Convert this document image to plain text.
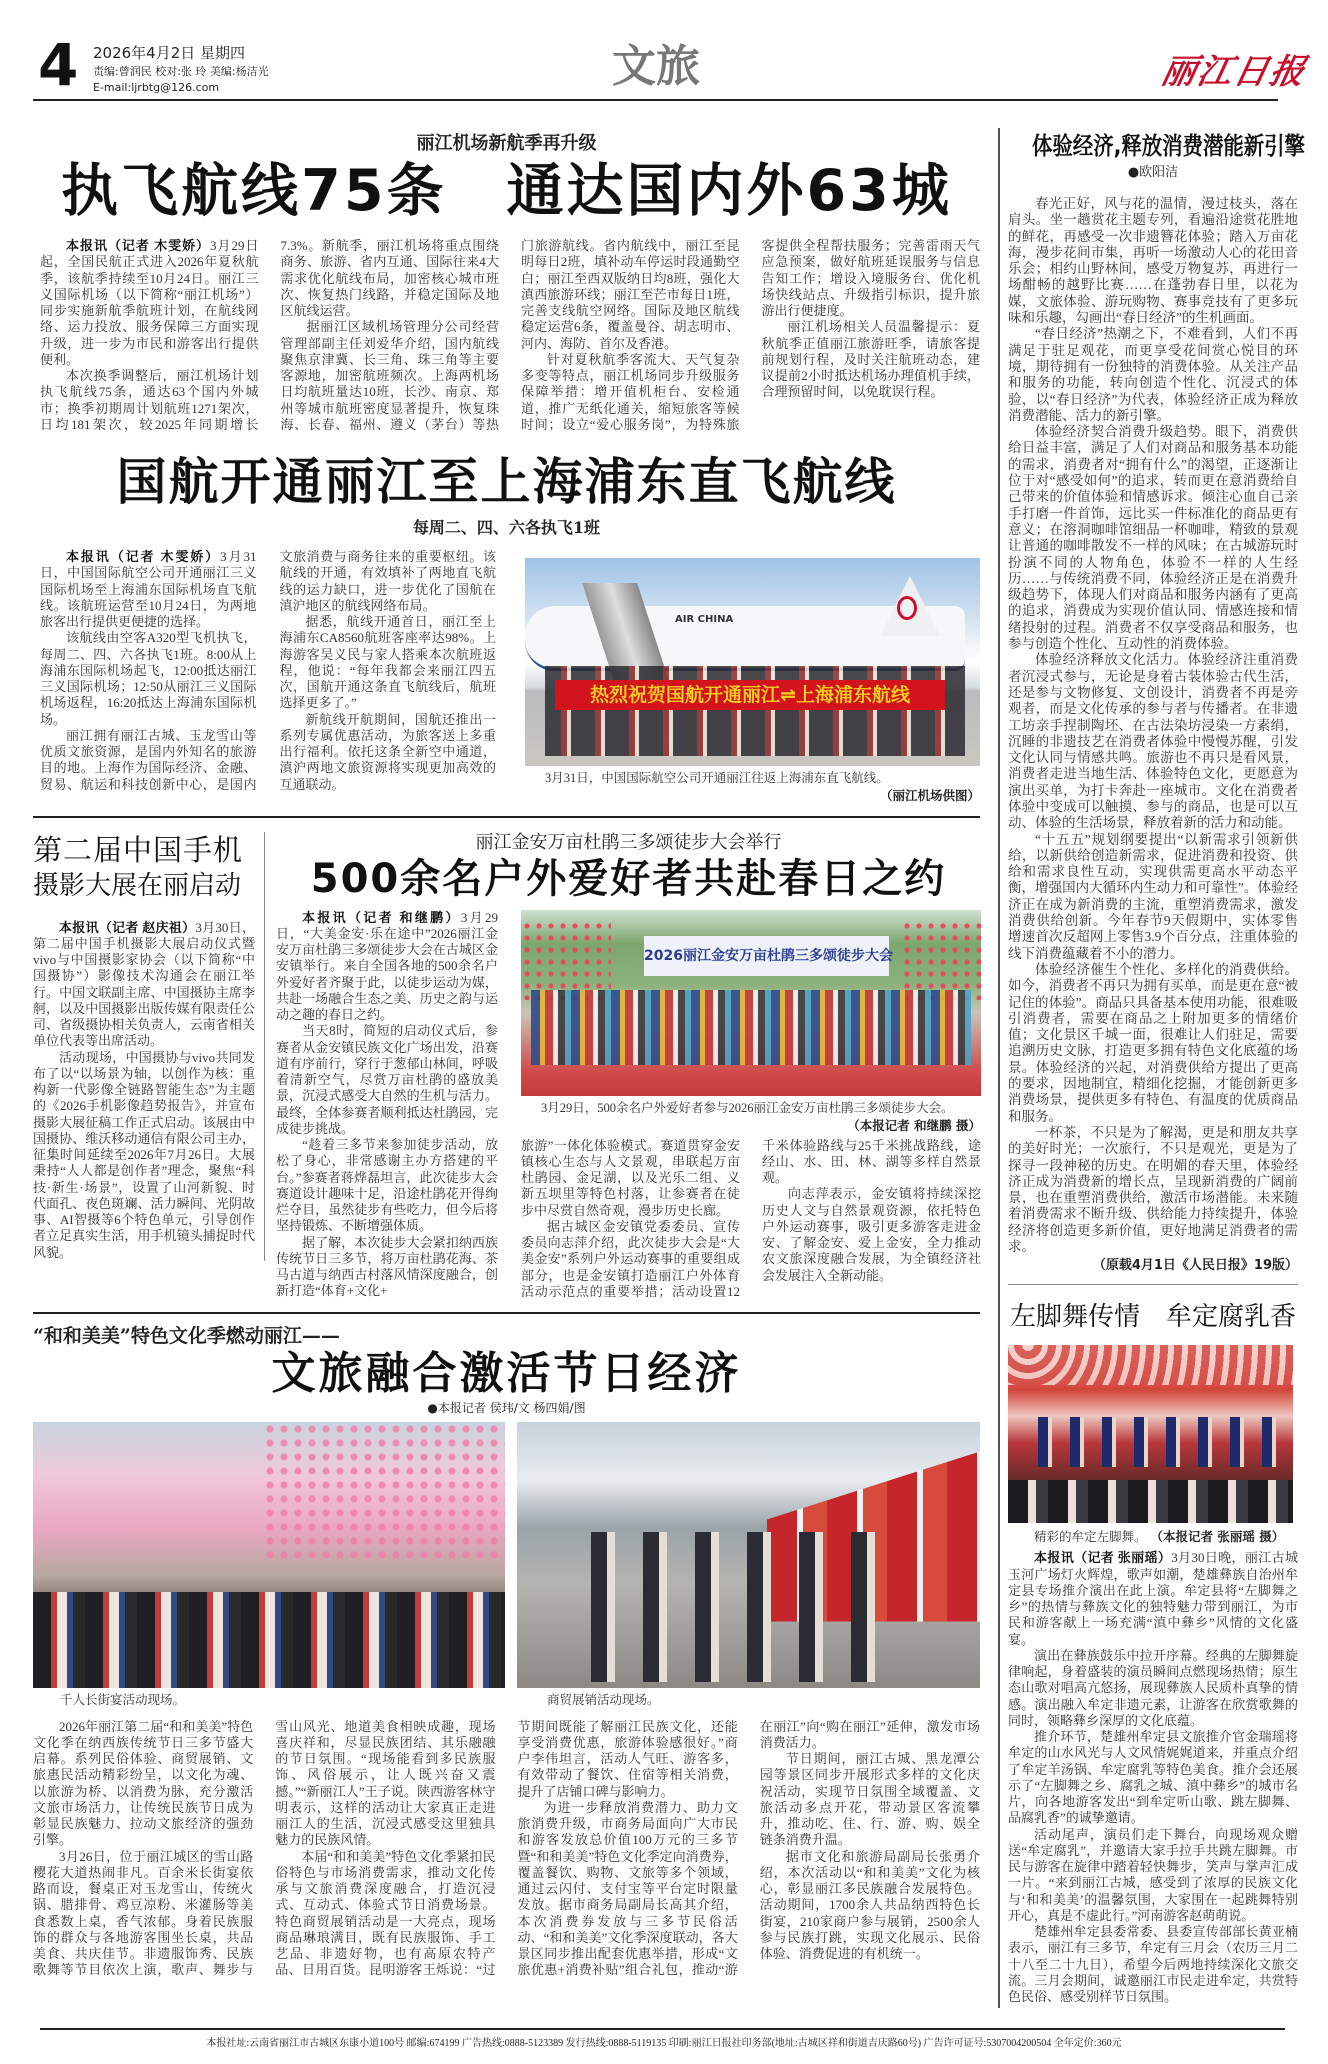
4 2026年4月2日 星期四
责编:曾润民 校对:张 玲 美编:杨洁光
E-mail:ljrbtg@126.com	文旅	丽江日报
丽江机场新航季再升级
执飞航线75条　通达国内外63城

本报讯（记者 木雯娇）3月29日起，全国民航正式进入2026年夏秋航季，该航季持续至10月24日。丽江三义国际机场（以下简称“丽江机场”）同步实施新航季航班计划，在航线网络、运力投放、服务保障三方面实现升级，进一步为市民和游客出行提供便利。

本次换季调整后，丽江机场计划执飞航线75条，通达63个国内外城市；换季初期周计划航班1271架次，日均181架次，较2025年同期增长7.3%。新航季，丽江机场将重点围绕商务、旅游、省内互通、国际往来4大需求优化航线布局，加密核心城市班次、恢复热门线路，并稳定国际及地区航线运营。

据丽江区域机场管理分公司经营管理部副主任刘爱华介绍，国内航线聚焦京津冀、长三角、珠三角等主要客源地，加密航班频次。上海两机场日均航班量达10班，长沙、南京、郑州等城市航班密度显著提升，恢复珠海、长春、福州、遵义（茅台）等热门旅游航线。省内航线中，丽江至昆明每日2班，填补动车停运时段通勤空白；丽江至西双版纳日均8班，强化大滇西旅游环线；丽江至芒市每日1班，完善支线航空网络。国际及地区航线稳定运营6条，覆盖曼谷、胡志明市、河内、海防、首尔及香港。

针对夏秋航季客流大、天气复杂多变等特点，丽江机场同步升级服务保障举措：增开值机柜台、安检通道，推广无纸化通关，缩短旅客等候时间；设立“爱心服务岗”，为特殊旅客提供全程帮扶服务；完善雷雨天气应急预案，做好航班延误服务与信息告知工作；增设入境服务台、优化机场快线站点、升级指引标识，提升旅游出行便捷度。

丽江机场相关人员温馨提示：夏秋航季正值丽江旅游旺季，请旅客提前规划行程，及时关注航班动态，建议提前2小时抵达机场办理值机手续，合理预留时间，以免耽误行程。

国航开通丽江至上海浦东直飞航线
每周二、四、六各执飞1班

本报讯（记者 木雯娇）3月31日，中国国际航空公司开通丽江三义国际机场至上海浦东国际机场直飞航线。该航班运营至10月24日，为两地旅客出行提供更便捷的选择。

该航线由空客A320型飞机执飞，每周二、四、六各执飞1班。8:00从上海浦东国际机场起飞，12:00抵达丽江三义国际机场；12:50从丽江三义国际机场返程，16:20抵达上海浦东国际机场。

丽江拥有丽江古城、玉龙雪山等优质文旅资源，是国内外知名的旅游目的地。上海作为国际经济、金融、贸易、航运和科技创新中心，是国内文旅消费与商务往来的重要枢纽。该航线的开通，有效填补了两地直飞航线的运力缺口，进一步优化了国航在滇沪地区的航线网络布局。

据悉，航线开通首日，丽江至上海浦东CA8560航班客座率达98%。上海游客吴义民与家人搭乘本次航班返程，他说：“每年我都会来丽江四五次，国航开通这条直飞航线后，航班选择更多了。”

新航线开航期间，国航还推出一系列专属优惠活动，为旅客送上多重出行福利。依托这条全新空中通道，滇沪两地文旅资源将实现更加高效的互通联动。

AIR CHINA
热烈祝贺国航开通丽江⇌上海浦东航线
3月31日，中国国际航空公司开通丽江往返上海浦东直飞航线。
（丽江机场供图）
第二届中国手机
摄影大展在丽启动

本报讯（记者 赵庆祖）3月30日，第二届中国手机摄影大展启动仪式暨vivo与中国摄影家协会（以下简称“中国摄协”）影像技术沟通会在丽江举行。中国文联副主席、中国摄协主席李舸，以及中国摄影出版传媒有限责任公司、省级摄协相关负责人，云南省相关单位代表等出席活动。

活动现场，中国摄协与vivo共同发布了以“以场景为轴，以创作为核：重构新一代影像全链路智能生态”为主题的《2026手机影像趋势报告》，并宣布摄影大展征稿工作正式启动。该展由中国摄协、维沃移动通信有限公司主办，征集时间延续至2026年7月26日。大展秉持“人人都是创作者”理念，聚焦“科技·新生·场景”，设置了山河新貌、时代面孔、夜色斑斓、活力瞬间、光阴故事、AI智摄等6个特色单元，引导创作者立足真实生活，用手机镜头捕捉时代风貌。

丽江金安万亩杜鹃三多颂徒步大会举行
500余名户外爱好者共赴春日之约

本报讯（记者 和继鹏）3月29日，“大美金安·乐在途中”2026丽江金安万亩杜鹃三多颂徒步大会在古城区金安镇举行。来自全国各地的500余名户外爱好者齐聚于此，以徒步运动为媒，共赴一场融合生态之美、历史之韵与运动之趣的春日之约。

当天8时，简短的启动仪式后，参赛者从金安镇民族文化广场出发，沿赛道有序前行，穿行于葱郁山林间，呼吸着清新空气，尽赏万亩杜鹃的盛放美景，沉浸式感受大自然的生机与活力。最终，全体参赛者顺利抵达杜鹃园，完成徒步挑战。

“趁着三多节来参加徒步活动，放松了身心，非常感谢主办方搭建的平台。”参赛者蒋烨磊坦言，此次徒步大会赛道设计趣味十足，沿途杜鹃花开得绚烂夺目，虽然徒步有些吃力，但今后将坚持锻炼、不断增强体质。

据了解，本次徒步大会紧扣纳西族传统节日三多节，将万亩杜鹃花海、茶马古道与纳西古村落风情深度融合，创新打造“体育+文化+

2026丽江金安万亩杜鹃三多颂徒步大会
3月29日，500余名户外爱好者参与2026丽江金安万亩杜鹃三多颂徒步大会。
（本报记者 和继鹏 摄）

旅游”一体化体验模式。赛道贯穿金安镇核心生态与人文景观，串联起万亩杜鹃园、金足湖，以及光乐二组、义新五坝里等特色村落，让参赛者在徒步中尽赏自然奇观，漫步历史长廊。

据古城区金安镇党委委员、宣传委员向志萍介绍，此次徒步大会是“大美金安”系列户外运动赛事的重要组成部分，也是金安镇打造丽江户外体育活动示范点的重要举措；活动设置12千米体验路线与25千米挑战路线，途经山、水、田、林、湖等多样自然景观。

向志萍表示，金安镇将持续深挖历史人文与自然景观资源，依托特色户外运动赛事，吸引更多游客走进金安、了解金安、爱上金安，全力推动农文旅深度融合发展，为全镇经济社会发展注入全新动能。

“和和美美”特色文化季燃动丽江——
文旅融合激活节日经济
●本报记者 侯玮/文 杨四娟/图
千人长街宴活动现场。	商贸展销活动现场。

2026年丽江第二届“和和美美”特色文化季在纳西族传统节日三多节盛大启幕。系列民俗体验、商贸展销、文旅惠民活动精彩纷呈，以文化为魂、以旅游为桥、以消费为脉，充分激活文旅市场活力，让传统民族节日成为彰显民族魅力、拉动文旅经济的强劲引擎。

3月26日，位于丽江城区的雪山路樱花大道热闹非凡。百余米长街宴依路而设，餐桌正对玉龙雪山，传统火锅、腊排骨、鸡豆凉粉、米灌肠等美食悉数上桌，香气浓郁。身着民族服饰的群众与各地游客围坐长桌，共品美食、共庆佳节。非遗服饰秀、民族歌舞等节目依次上演，歌声、舞步与雪山风光、地道美食相映成趣，现场喜庆祥和，尽显民族团结、其乐融融的节日氛围。“现场能看到多民族服饰、风俗展示，让人既兴奋又震撼。”“新丽江人”王子说。陕西游客林守明表示，这样的活动让大家真正走进丽江人的生活，沉浸式感受这里独具魅力的民族风情。

本届“和和美美”特色文化季紧扣民俗特色与市场消费需求，推动文化传承与文旅消费深度融合，打造沉浸式、互动式、体验式节日消费场景。特色商贸展销活动是一大亮点，现场商品琳琅满目，既有民族服饰、手工艺品、非遗好物，也有高原农特产品、日用百货。昆明游客王烁说：“过节期间既能了解丽江民族文化，还能享受消费优惠，旅游体验感很好。”商户李伟坦言，活动人气旺、游客多，有效带动了餐饮、住宿等相关消费，提升了店铺口碑与影响力。

为进一步释放消费潜力、助力文旅消费升级，市商务局面向广大市民和游客发放总价值100万元的三多节暨“和和美美”特色文化季定向消费券，覆盖餐饮、购物、文旅等多个领域，通过云闪付、支付宝等平台定时限量发放。据市商务局副局长高其介绍，本次消费券发放与三多节民俗活动、“和和美美”文化季深度联动，各大景区同步推出配套优惠举措，形成“文旅优惠+消费补贴”组合礼包，推动“游在丽江”向“购在丽江”延伸，激发市场消费活力。

节日期间，丽江古城、黑龙潭公园等景区同步开展形式多样的文化庆祝活动，实现节日氛围全域覆盖、文旅活动多点开花，带动景区客流攀升，推动吃、住、行、游、购、娱全链条消费升温。

据市文化和旅游局副局长张勇介绍，本次活动以“和和美美”文化为核心，彰显丽江多民族融合发展特色。活动期间，1700余人共品纳西特色长街宴，210家商户参与展销，2500余人参与民族打跳，实现文化展示、民俗体验、消费促进的有机统一。

体验经济,释放消费潜能新引擎
●欧阳洁

春光正好，风与花的温情，漫过枝头，落在肩头。坐一趟赏花主题专列，看遍沿途赏花胜地的鲜花，再感受一次非遗簪花体验；踏入万亩花海，漫步花间市集，再听一场激动人心的花田音乐会；相约山野林间，感受万物复苏，再进行一场酣畅的越野比赛……在蓬勃春日里，以花为媒，文旅体验、游玩购物、赛事竞技有了更多玩味和乐趣，勾画出“春日经济”的生机画面。

“春日经济”热潮之下，不难看到，人们不再满足于驻足观花，而更享受花间赏心悦目的环境，期待拥有一份独特的消费体验。从关注产品和服务的功能，转向创造个性化、沉浸式的体验，以“春日经济”为代表，体验经济正成为释放消费潜能、活力的新引擎。

体验经济契合消费升级趋势。眼下，消费供给日益丰富，满足了人们对商品和服务基本功能的需求，消费者对“拥有什么”的渴望，正逐渐让位于对“感受如何”的追求，转而更在意消费给自己带来的价值体验和情感诉求。倾注心血自己亲手打磨一件首饰，远比买一件标准化的商品更有意义；在溶洞咖啡馆细品一杯咖啡，精致的景观让普通的咖啡散发不一样的风味；在古城游玩时扮演不同的人物角色，体验不一样的人生经历……与传统消费不同，体验经济正是在消费升级趋势下，体现人们对商品和服务内涵有了更高的追求，消费成为实现价值认同、情感连接和情绪投射的过程。消费者不仅享受商品和服务，也参与创造个性化、互动性的消费体验。

体验经济释放文化活力。体验经济注重消费者沉浸式参与，无论是身着古装体验古代生活，还是参与文物修复、文创设计，消费者不再是旁观者，而是文化传承的参与者与传播者。在非遗工坊亲手捏制陶坯、在古法染坊浸染一方素绢，沉睡的非遗技艺在消费者体验中慢慢苏醒，引发文化认同与情感共鸣。旅游也不再只是看风景，消费者走进当地生活、体验特色文化，更愿意为演出买单，为打卡奔赴一座城市。文化在消费者体验中变成可以触摸、参与的商品，也是可以互动、体验的生活场景，释放着新的活力和动能。

“十五五”规划纲要提出“以新需求引领新供给，以新供给创造新需求，促进消费和投资、供给和需求良性互动，实现供需更高水平动态平衡，增强国内大循环内生动力和可靠性”。体验经济正在成为新消费的主流，重塑消费需求，激发消费供给创新。今年春节9天假期中，实体零售增速首次反超网上零售3.9个百分点，注重体验的线下消费蕴藏着不小的潜力。

体验经济催生个性化、多样化的消费供给。如今，消费者不再只为拥有买单，而是更在意“被记住的体验”。商品只具备基本使用功能，很难吸引消费者，需要在商品之上附加更多的情绪价值；文化景区千城一面，很难让人们驻足，需要追溯历史文脉，打造更多拥有特色文化底蕴的场景。体验经济的兴起，对消费供给方提出了更高的要求，因地制宜，精细化挖掘，才能创新更多消费场景，提供更多有特色、有温度的优质商品和服务。

一杯茶，不只是为了解渴，更是和朋友共享的美好时光；一次旅行，不只是观光，更是为了探寻一段神秘的历史。在明媚的春天里，体验经济正成为消费新的增长点，呈现新消费的广阔前景，也在重塑消费供给，激活市场潜能。未来随着消费需求不断升级、供给能力持续提升，体验经济将创造更多新价值，更好地满足消费者的需求。

（原载4月1日《人民日报》19版）
左脚舞传情　牟定腐乳香
精彩的牟定左脚舞。 （本报记者 张丽瑶 摄）

本报讯（记者 张丽瑶）3月30日晚，丽江古城玉河广场灯火辉煌，歌声如潮，楚雄彝族自治州牟定县专场推介演出在此上演。牟定县将“左脚舞之乡”的热情与彝族文化的独特魅力带到丽江，为市民和游客献上一场充满“滇中彝乡”风情的文化盛宴。

演出在彝族鼓乐中拉开序幕。经典的左脚舞旋律响起，身着盛装的演员瞬间点燃现场热情；原生态山歌对唱高亢悠扬，展现彝族人民质朴真挚的情感。演出融入牟定非遗元素，让游客在欣赏歌舞的同时，领略彝乡深厚的文化底蕴。

推介环节，楚雄州牟定县文旅推介官金瑞瑶将牟定的山水风光与人文风情娓娓道来，并重点介绍了牟定羊汤锅、牟定腐乳等特色美食。推介会还展示了“左脚舞之乡、腐乳之城、滇中彝乡”的城市名片，向各地游客发出“到牟定听山歌、跳左脚舞、品腐乳香”的诚挚邀请。

活动尾声，演员们走下舞台，向现场观众赠送“牟定腐乳”，并邀请大家手拉手共跳左脚舞。市民与游客在旋律中踏着轻快舞步，笑声与掌声汇成一片。“来到丽江古城，感受到了浓厚的民族文化与‘和和美美’的温馨氛围，大家围在一起跳舞特别开心，真是不虚此行。”河南游客赵萌萌说。

楚雄州牟定县委常委、县委宣传部部长黄亚楠表示，丽江有三多节，牟定有三月会（农历三月二十八至二十九日），希望今后两地持续深化文旅交流。三月会期间，诚邀丽江市民走进牟定，共赏特色民俗、感受别样节日氛围。

本报社址:云南省丽江市古城区东康小道100号 邮编:674199 广告热线:0888-5123389 发行热线:0888-5119135 印刷:丽江日报社印务部(地址:古城区祥和街道吉庆路60号) 广告许可证号:5307004200504 全年定价:360元
